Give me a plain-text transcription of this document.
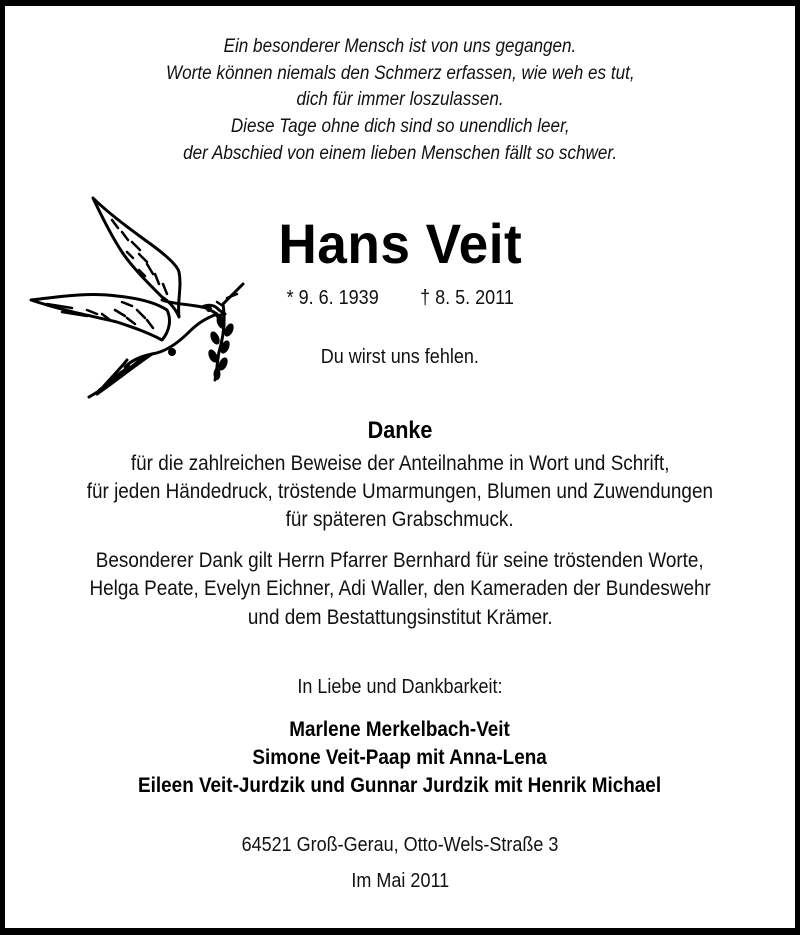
Ein besonderer Mensch ist von uns gegangen.
Worte können niemals den Schmerz erfassen, wie weh es tut,
dich für immer loszulassen.
Diese Tage ohne dich sind so unendlich leer,
der Abschied von einem lieben Menschen fällt so schwer.
Hans Veit
* 9. 6. 1939 † 8. 5. 2011
Du wirst uns fehlen.
Danke
für die zahlreichen Beweise der Anteilnahme in Wort und Schrift,
für jeden Händedruck, tröstende Umarmungen, Blumen und Zuwendungen
für späteren Grabschmuck.
Besonderer Dank gilt Herrn Pfarrer Bernhard für seine tröstenden Worte,
Helga Peate, Evelyn Eichner, Adi Waller, den Kameraden der Bundeswehr
und dem Bestattungsinstitut Krämer.
In Liebe und Dankbarkeit:
Marlene Merkelbach-Veit
Simone Veit-Paap mit Anna-Lena
Eileen Veit-Jurdzik und Gunnar Jurdzik mit Henrik Michael
64521 Groß-Gerau, Otto-Wels-Straße 3
Im Mai 2011
